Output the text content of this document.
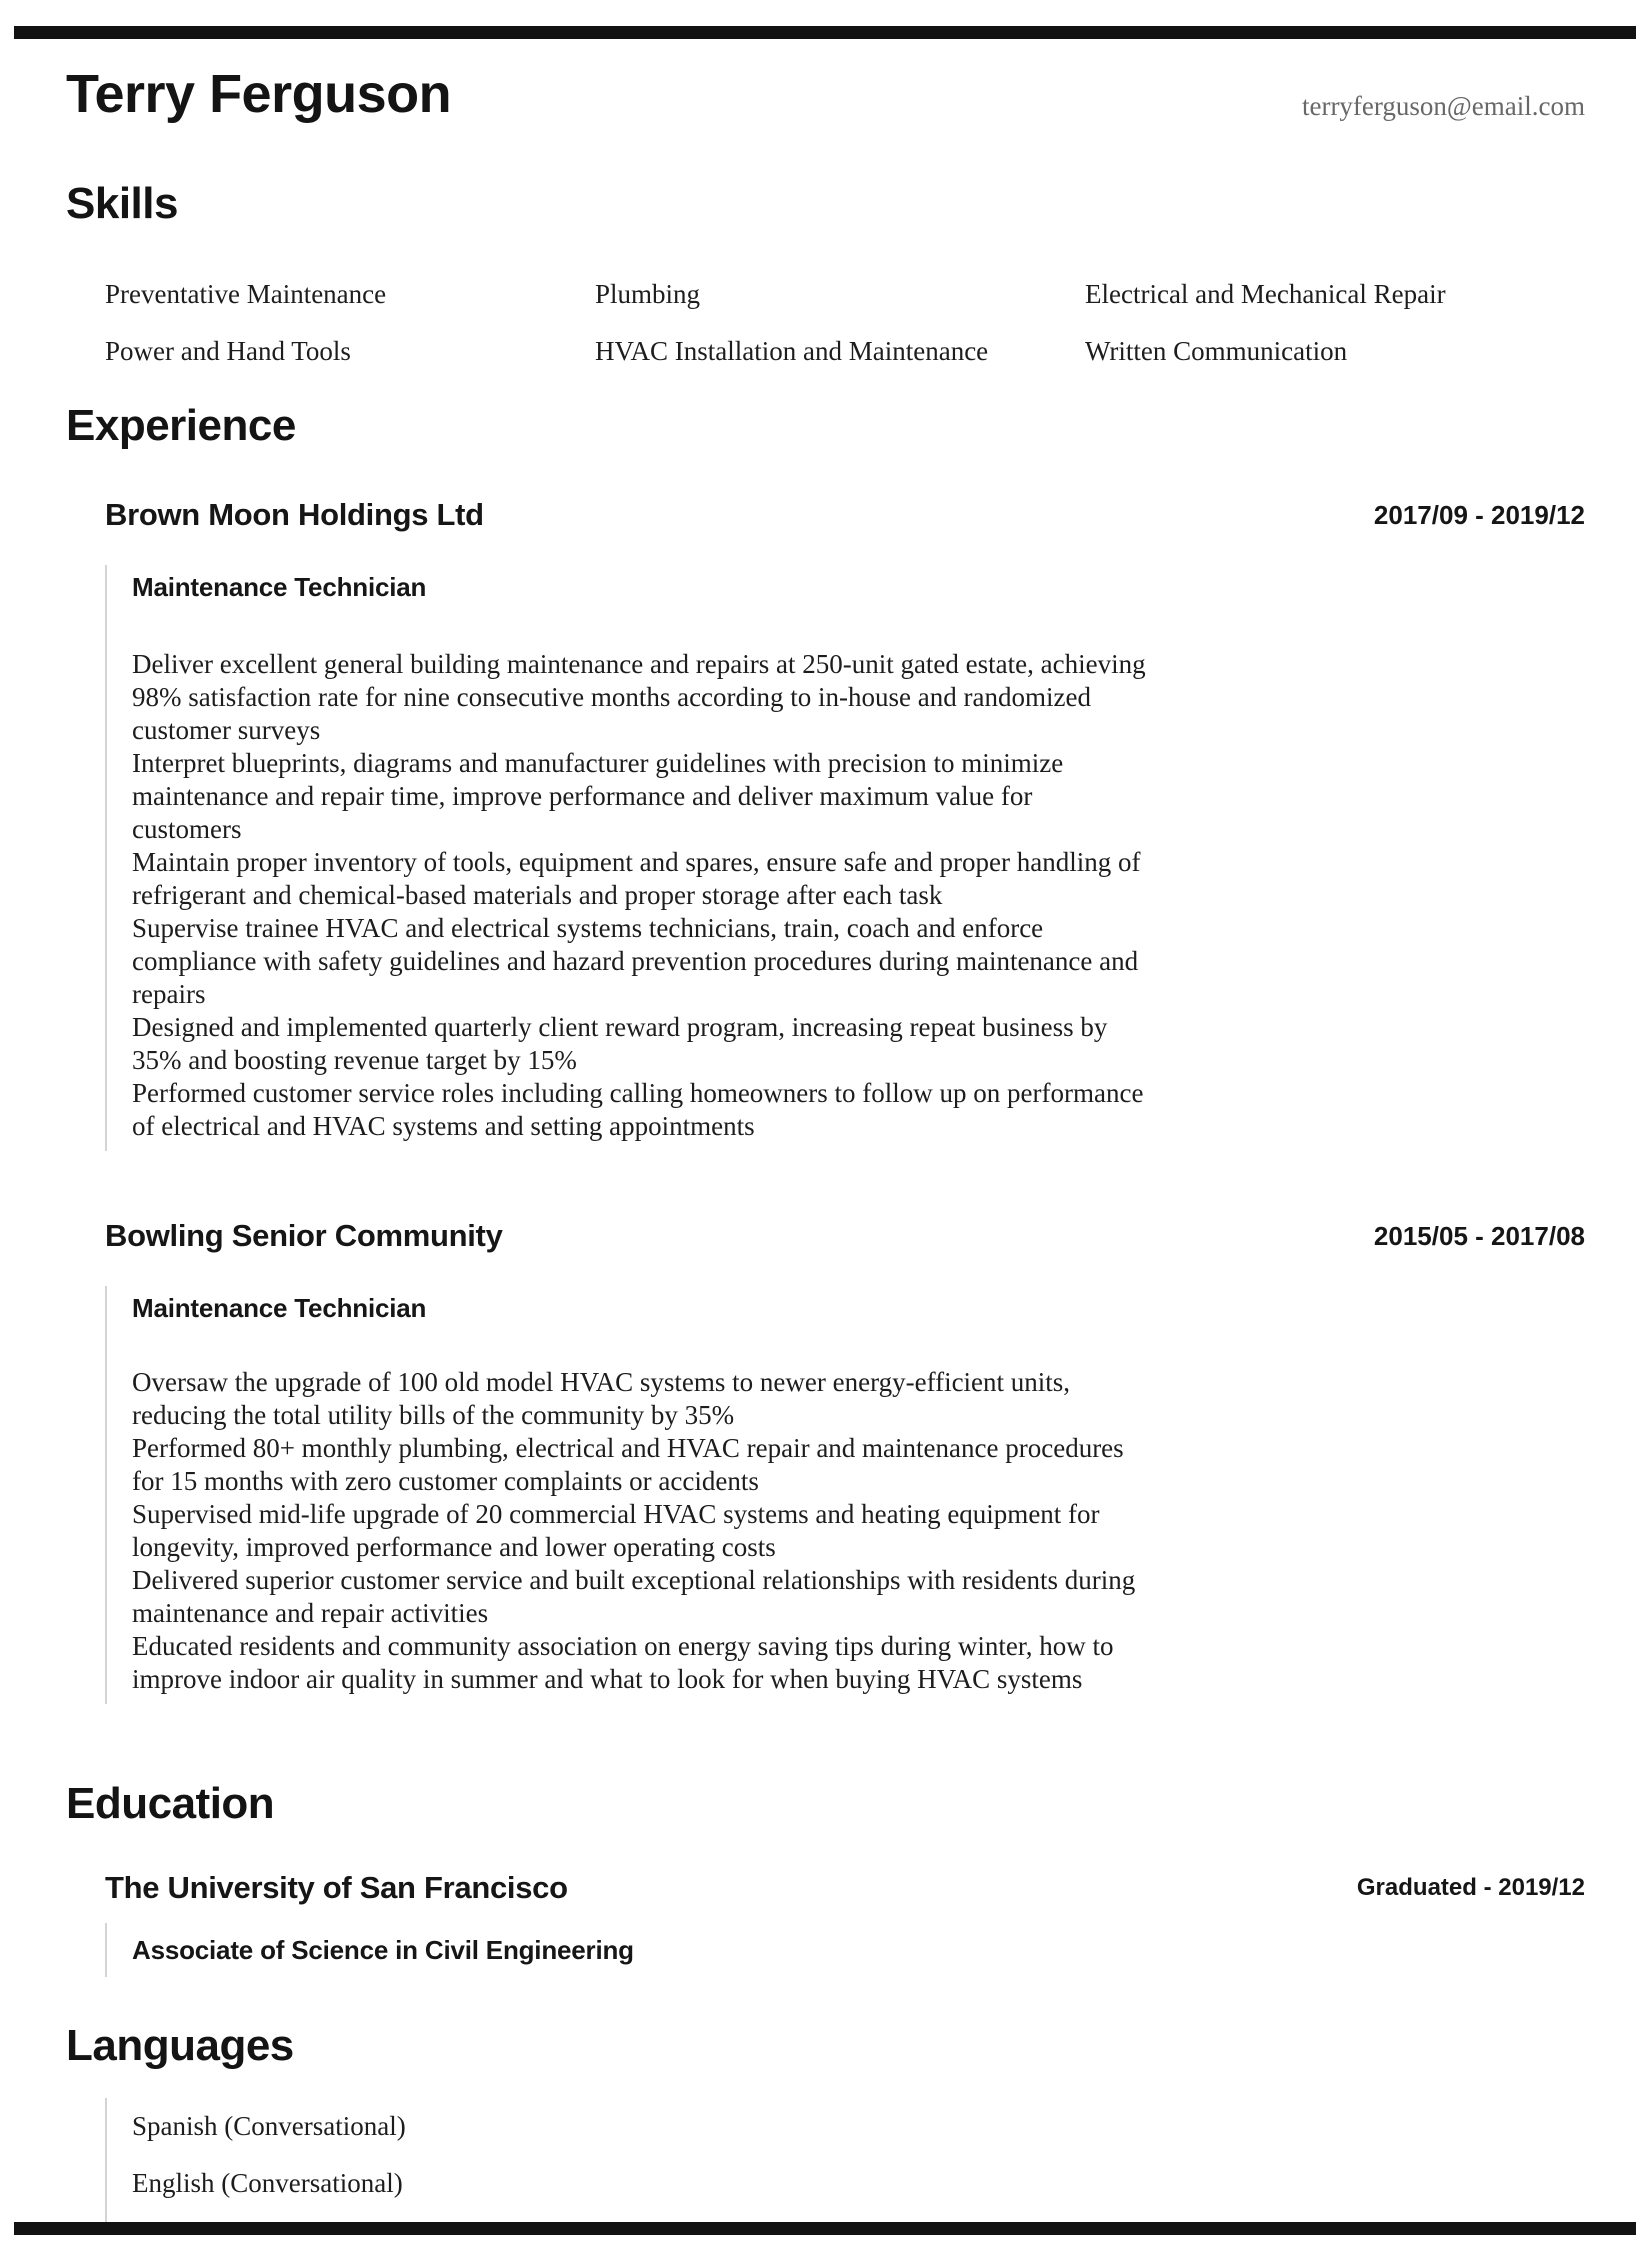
Terry Ferguson	terryferguson@email.com
Skills
Preventative Maintenance	Plumbing	Electrical and Mechanical Repair
Power and Hand Tools	HVAC Installation and Maintenance	Written Communication
Experience
Brown Moon Holdings Ltd	2017/09 - 2019/12
Maintenance Technician
Deliver excellent general building maintenance and repairs at 250-unit gated estate, achieving 98% satisfaction rate for nine consecutive months according to in-house and randomized customer surveys
Interpret blueprints, diagrams and manufacturer guidelines with precision to minimize maintenance and repair time, improve performance and deliver maximum value for customers
Maintain proper inventory of tools, equipment and spares, ensure safe and proper handling of refrigerant and chemical-based materials and proper storage after each task
Supervise trainee HVAC and electrical systems technicians, train, coach and enforce compliance with safety guidelines and hazard prevention procedures during maintenance and repairs
Designed and implemented quarterly client reward program, increasing repeat business by 35% and boosting revenue target by 15%
Performed customer service roles including calling homeowners to follow up on performance of electrical and HVAC systems and setting appointments
Bowling Senior Community	2015/05 - 2017/08
Maintenance Technician
Oversaw the upgrade of 100 old model HVAC systems to newer energy-efficient units, reducing the total utility bills of the community by 35%
Performed 80+ monthly plumbing, electrical and HVAC repair and maintenance procedures for 15 months with zero customer complaints or accidents
Supervised mid-life upgrade of 20 commercial HVAC systems and heating equipment for longevity, improved performance and lower operating costs
Delivered superior customer service and built exceptional relationships with residents during maintenance and repair activities
Educated residents and community association on energy saving tips during winter, how to improve indoor air quality in summer and what to look for when buying HVAC systems
Education
The University of San Francisco	Graduated - 2019/12
Associate of Science in Civil Engineering
Languages
Spanish (Conversational)
English (Conversational)
